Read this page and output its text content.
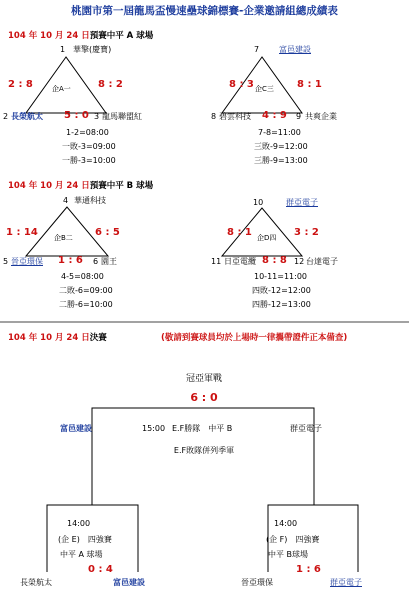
桃園市第一屆龍馬盃慢速壘球錦標賽-企業邀請組總成績表
104 年 10 月 24 日預賽中平 A 球場
1 華擎(慶寶)
2 : 8	企A一	8 : 2
2 長榮航太 5 : 0 3 龍馬聯盟紅
1-2=08:00
一敗-3=09:00
一勝-3=10:00
7 富邑建設
8 : 3 企C三 8 : 1
8 碧雲科技 4 : 9 9 共爽企業
7-8=11:00
三敗-9=12:00
三勝-9=13:00
104 年 10 月 24 日預賽中平 B 球場
4 華通科技
1 : 14 企B二 6 : 5
5 晉亞環保 1 : 6 6 園王
4-5=08:00
二敗-6=09:00
二勝-6=10:00
10	群亞電子
8 : 1 企D四 3 : 2
11 日亞電纜 8 : 8 12 台達電子
10-11=11:00
四敗-12=12:00
四勝-12=13:00
104 年 10 月 24 日決賽	(敬請到賽球員均於上場時一律攜帶證件正本備查)
冠亞軍戰
6 : 0
富邑建設	15:00 E.F勝隊　中平 B	群亞電子
E.F敗隊併列季軍
14:00
(企 E)　四強賽
中平 A 球場
0 : 4
長榮航太	富邑建設
14:00
(企 F)　四強賽
中平 B球場
1 : 6
晉亞環保	群亞電子
